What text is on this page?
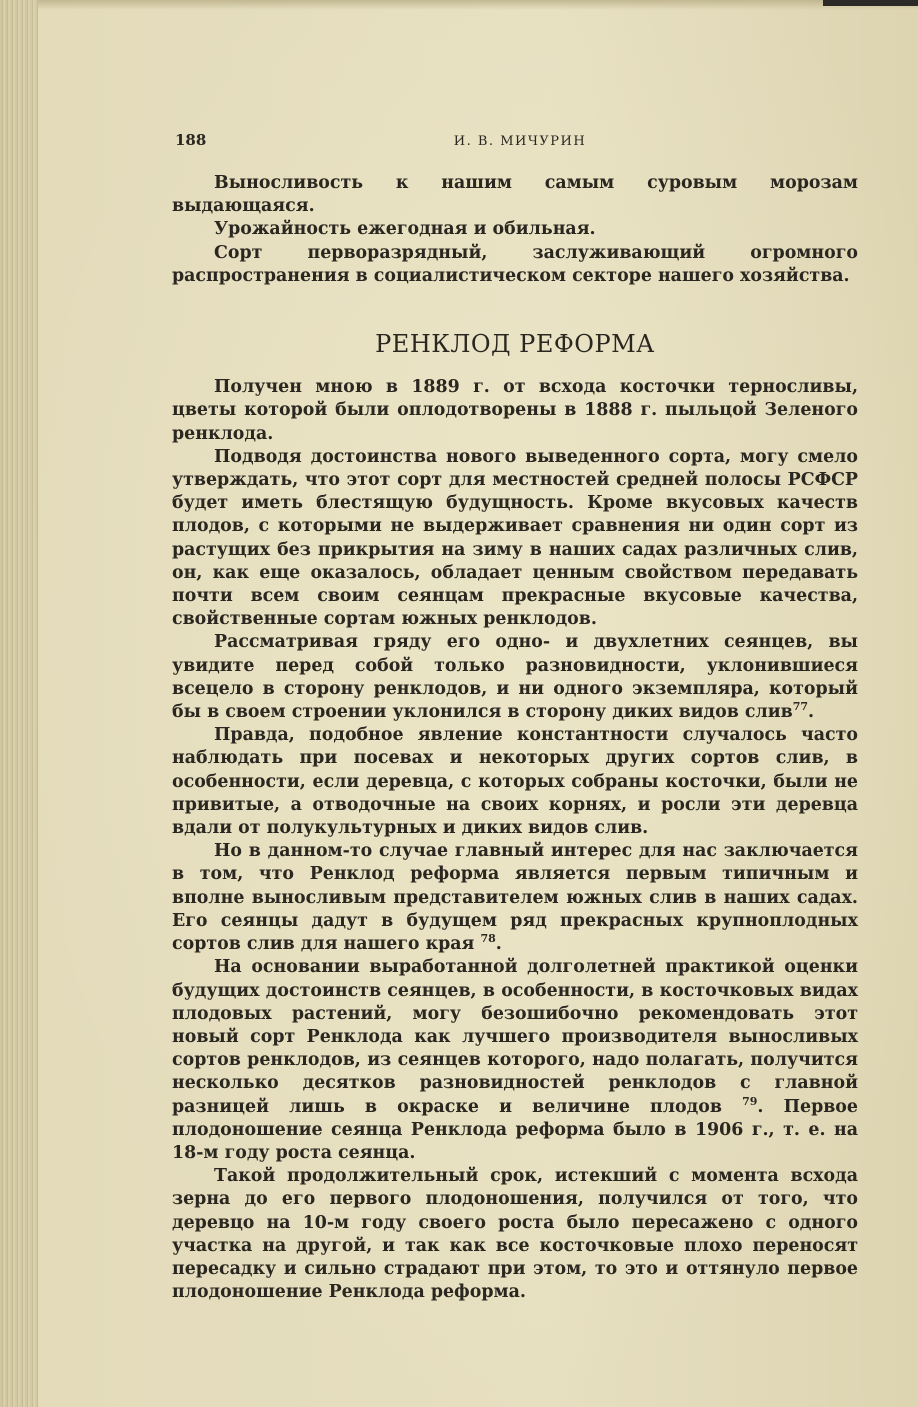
188	И. В. МИЧУРИН

Выносливость к нашим самым суровым морозам выдающаяся.

Урожайность ежегодная и обильная.

Сорт перворазрядный, заслуживающий огромного распространения в социалистическом секторе нашего хозяйства.

РЕНКЛОД РЕФОРМА

Получен мною в 1889 г. от всхода косточки терносливы, цветы которой были оплодотворены в 1888 г. пыльцой Зеленого ренклода.

Подводя достоинства нового выведенного сорта, могу смело утверждать, что этот сорт для местностей средней полосы РСФСР будет иметь блестящую будущность. Кроме вкусовых качеств плодов, с которыми не выдерживает сравнения ни один сорт из растущих без прикрытия на зиму в наших садах различных слив, он, как еще оказалось, обладает ценным свойством передавать почти всем своим сеянцам прекрасные вкусовые качества, свойственные сортам южных ренклодов.

Рассматривая гряду его одно- и двухлетних сеянцев, вы увидите перед собой только разновидности, уклонившиеся всецело в сторону ренклодов, и ни одного экземпляра, который бы в своем строении уклонился в сторону диких видов слив$^{77}$.

Правда, подобное явление константности случалось часто наблюдать при посевах и некоторых других сортов слив, в особенности, если деревца, с которых собраны косточки, были не привитые, а отводочные на своих корнях, и росли эти деревца вдали от полукультурных и диких видов слив.

Но в данном-то случае главный интерес для нас заключается в том, что Ренклод реформа является первым типичным и вполне выносливым представителем южных слив в наших садах. Его сеянцы дадут в будущем ряд прекрасных крупноплодных сортов слив для нашего края $^{78}$.

На основании выработанной долголетней практикой оценки будущих достоинств сеянцев, в особенности, в косточковых видах плодовых растений, могу безошибочно рекомендовать этот новый сорт Ренклода как лучшего производителя выносливых сортов ренклодов, из сеянцев которого, надо полагать, получится несколько десятков разновидностей ренклодов с главной разницей лишь в окраске и величине плодов $^{79}$. Первое плодоношение сеянца Ренклода реформа было в 1906 г., т. е. на 18-м году роста сеянца.

Такой продолжительный срок, истекший с момента всхода зерна до его первого плодоношения, получился от того, что деревцо на 10-м году своего роста было пересажено с одного участка на другой, и так как все косточковые плохо переносят пересадку и сильно страдают при этом, то это и оттянуло первое плодоношение Ренклода реформа.
